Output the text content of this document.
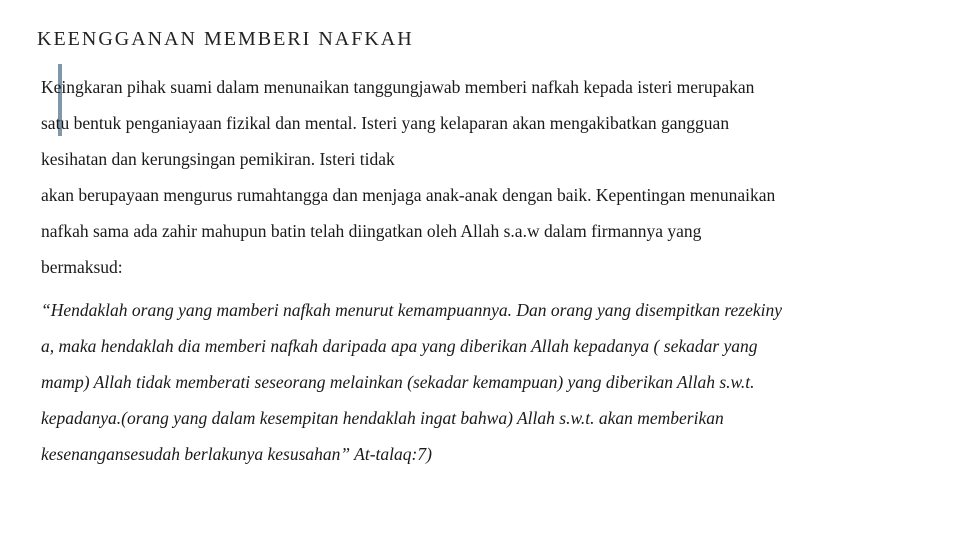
KEENGGANAN MEMBERI NAFKAH
Keingkaran pihak suami dalam menunaikan tanggungjawab memberi nafkah kepada isteri merupakan
satu bentuk penganiayaan fizikal dan mental. Isteri yang kelaparan akan mengakibatkan gangguan
kesihatan dan kerungsingan pemikiran. Isteri tidak
akan berupayaan mengurus rumahtangga dan menjaga anak-anak dengan baik. Kepentingan menunaikan
nafkah sama ada zahir mahupun batin telah diingatkan oleh Allah s.a.w dalam firmannya yang
bermaksud:
“Hendaklah orang yang mamberi nafkah menurut kemampuannya. Dan orang yang disempitkan rezekiny
a, maka hendaklah dia memberi nafkah daripada apa yang diberikan Allah kepadanya ( sekadar yang
mamp) Allah tidak memberati seseorang melainkan (sekadar kemampuan) yang diberikan Allah s.w.t.
kepadanya.(orang yang dalam kesempitan hendaklah ingat bahwa) Allah s.w.t. akan memberikan
kesenangansesudah berlakunya kesusahan” At-talaq:7)
